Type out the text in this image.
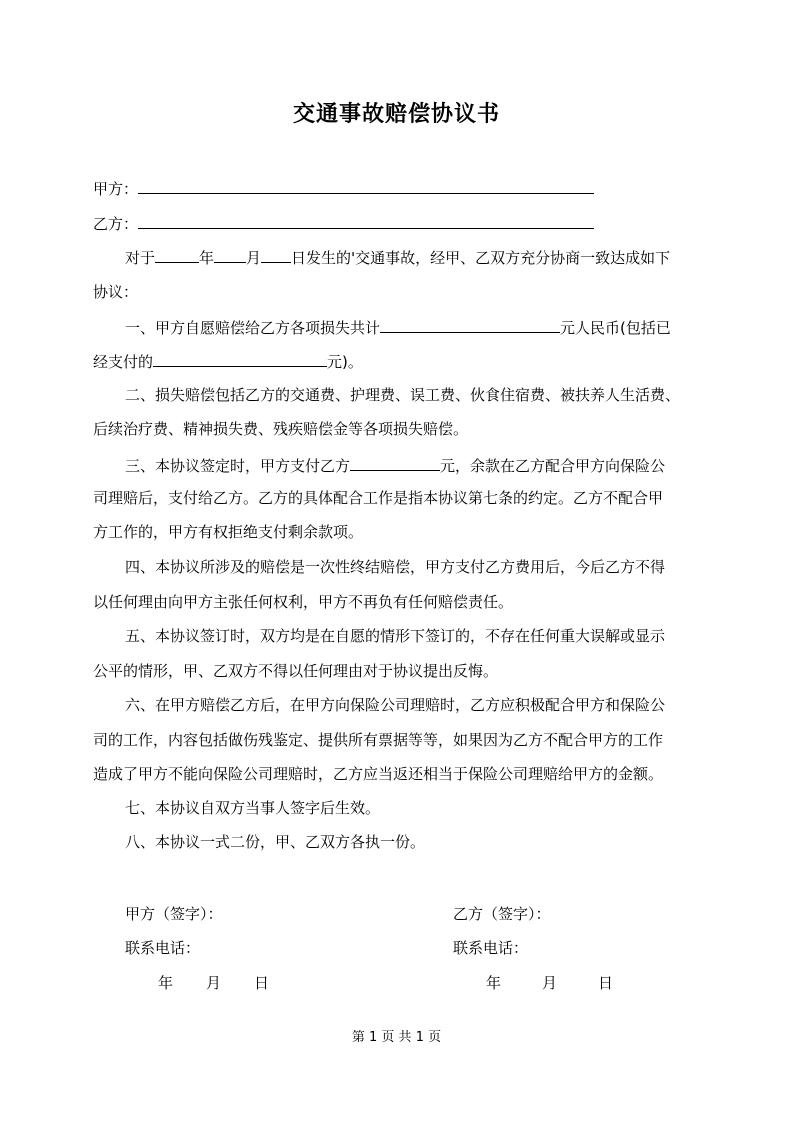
交通事故赔偿协议书
甲方：
乙方：
对于	年 月 日发生的'交通事故，经甲、乙双方充分协商一致达成如下
协议：
一、甲方自愿赔偿给乙方各项损失共计	元人民币(包括已
经支付的	元)。
二、损失赔偿包括乙方的交通费、护理费、误工费、伙食住宿费、被扶养人生活费、
后续治疗费、精神损失费、残疾赔偿金等各项损失赔偿。
三、本协议签定时，甲方支付乙方	元，余款在乙方配合甲方向保险公
司理赔后，支付给乙方。乙方的具体配合工作是指本协议第七条的约定。乙方不配合甲
方工作的，甲方有权拒绝支付剩余款项。
四、本协议所涉及的赔偿是一次性终结赔偿，甲方支付乙方费用后，今后乙方不得
以任何理由向甲方主张任何权利，甲方不再负有任何赔偿责任。
五、本协议签订时，双方均是在自愿的情形下签订的，不存在任何重大误解或显示
公平的情形，甲、乙双方不得以任何理由对于协议提出反悔。
六、在甲方赔偿乙方后，在甲方向保险公司理赔时，乙方应积极配合甲方和保险公
司的工作，内容包括做伤残鉴定、提供所有票据等等，如果因为乙方不配合甲方的工作
造成了甲方不能向保险公司理赔时，乙方应当返还相当于保险公司理赔给甲方的金额。
七、本协议自双方当事人签字后生效。
八、本协议一式二份，甲、乙双方各执一份。
甲方（签字）：	乙方（签字）：
联系电话：	联系电话：
年 月 日	年	月	日
第 1 页 共 1 页
